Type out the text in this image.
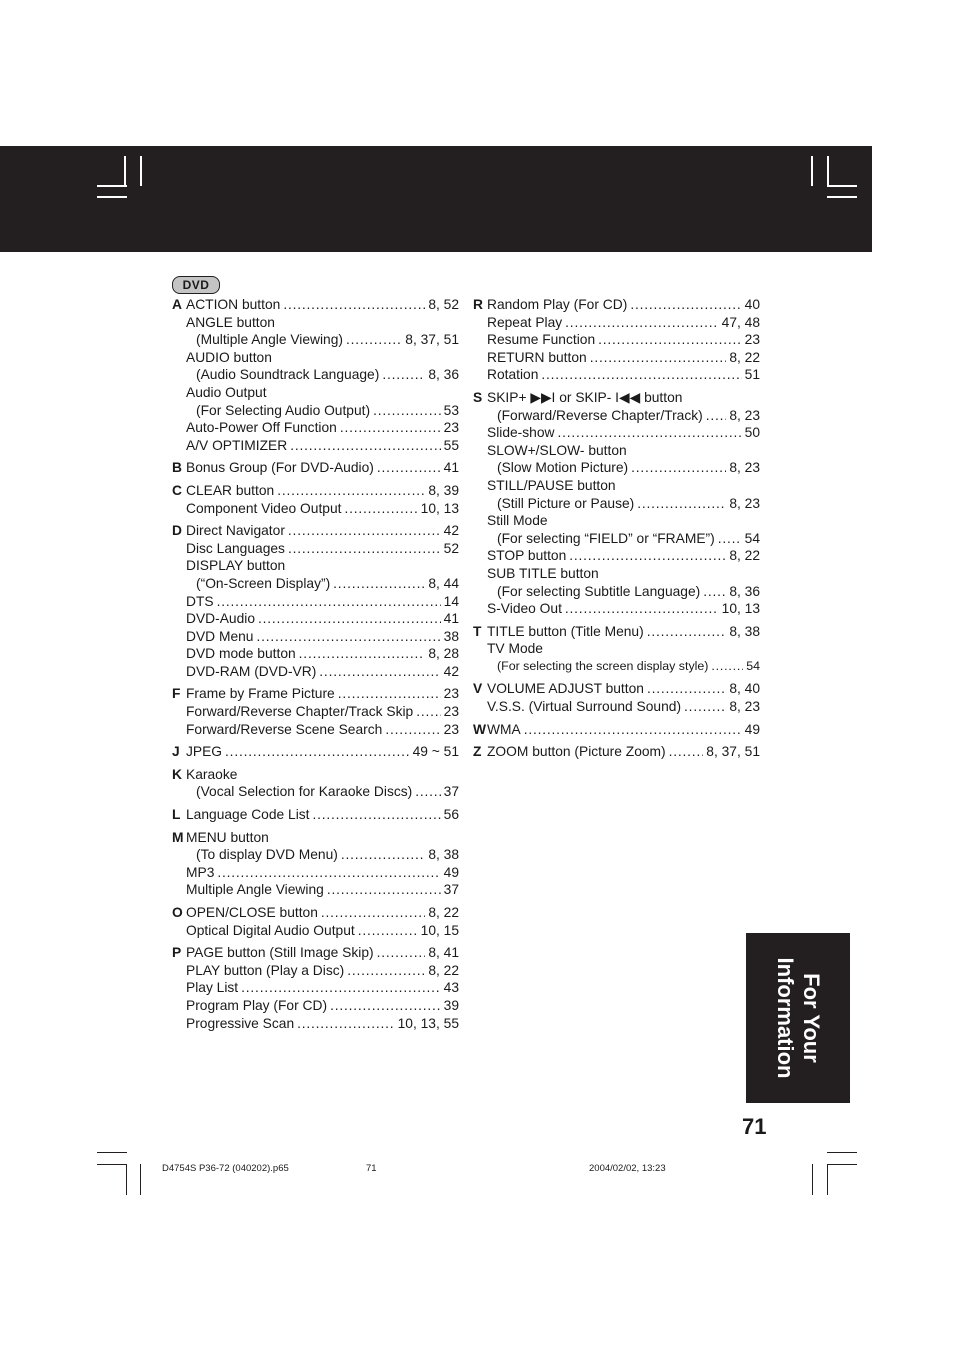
DVD
A ACTION button .....	8, 52
ANGLE button
(Multiple Angle Viewing) .....	8, 37, 51
AUDIO button
(Audio Soundtrack Language) .....	8, 36
Audio Output
(For Selecting Audio Output) .....	53
Auto-Power Off Function .....	23
A/V OPTIMIZER .....	55
B Bonus Group (For DVD-Audio) .....	41
C CLEAR button .....	8, 39
Component Video Output .....	10, 13
D Direct Navigator .....	42
Disc Languages .....	52
DISPLAY button
(“On-Screen Display”) .....	8, 44
DTS .....	14
DVD-Audio .....	41
DVD Menu .....	38
DVD mode button .....	8, 28
DVD-RAM (DVD-VR) .....	42
F Frame by Frame Picture .....	23
Forward/Reverse Chapter/Track Skip ..... 23
Forward/Reverse Scene Search .....	23
J JPEG .....	49 ~ 51
K Karaoke
(Vocal Selection for Karaoke Discs) ..... 37
L Language Code List .....	56
M MENU button
(To display DVD Menu) .....	8, 38
MP3 .....	49
Multiple Angle Viewing .....	37
O OPEN/CLOSE button .....	8, 22
Optical Digital Audio Output .....	10, 15
P PAGE button (Still Image Skip) .....	8, 41
PLAY button (Play a Disc) .....	8, 22
Play List .....	43
Program Play (For CD) .....	39
Progressive Scan .....	10, 13, 55
R Random Play (For CD) .....	40
Repeat Play .....	47, 48
Resume Function .....	23
RETURN button .....	8, 22
Rotation .....	51
S SKIP+ ▶▶I or SKIP- I◀◀ button
(Forward/Reverse Chapter/Track) ..... 8, 23
Slide-show .....	50
SLOW+/SLOW- button
(Slow Motion Picture) .....	8, 23
STILL/PAUSE button
(Still Picture or Pause) .....	8, 23
Still Mode
(For selecting “FIELD” or “FRAME”) ..... 54
STOP button .....	8, 22
SUB TITLE button
(For selecting Subtitle Language) ..... 8, 36
S-Video Out .....	10, 13
T TITLE button (Title Menu) .....	8, 38
TV Mode
(For selecting the screen display style) .....	54
V VOLUME ADJUST button .....	8, 40
V.S.S. (Virtual Surround Sound) .....	8, 23
W WMA .....	49
Z ZOOM button (Picture Zoom) .....	8, 37, 51
For Your
Information
71
D4754S P36-72 (040202).p65	71	2004/02/02, 13:23
